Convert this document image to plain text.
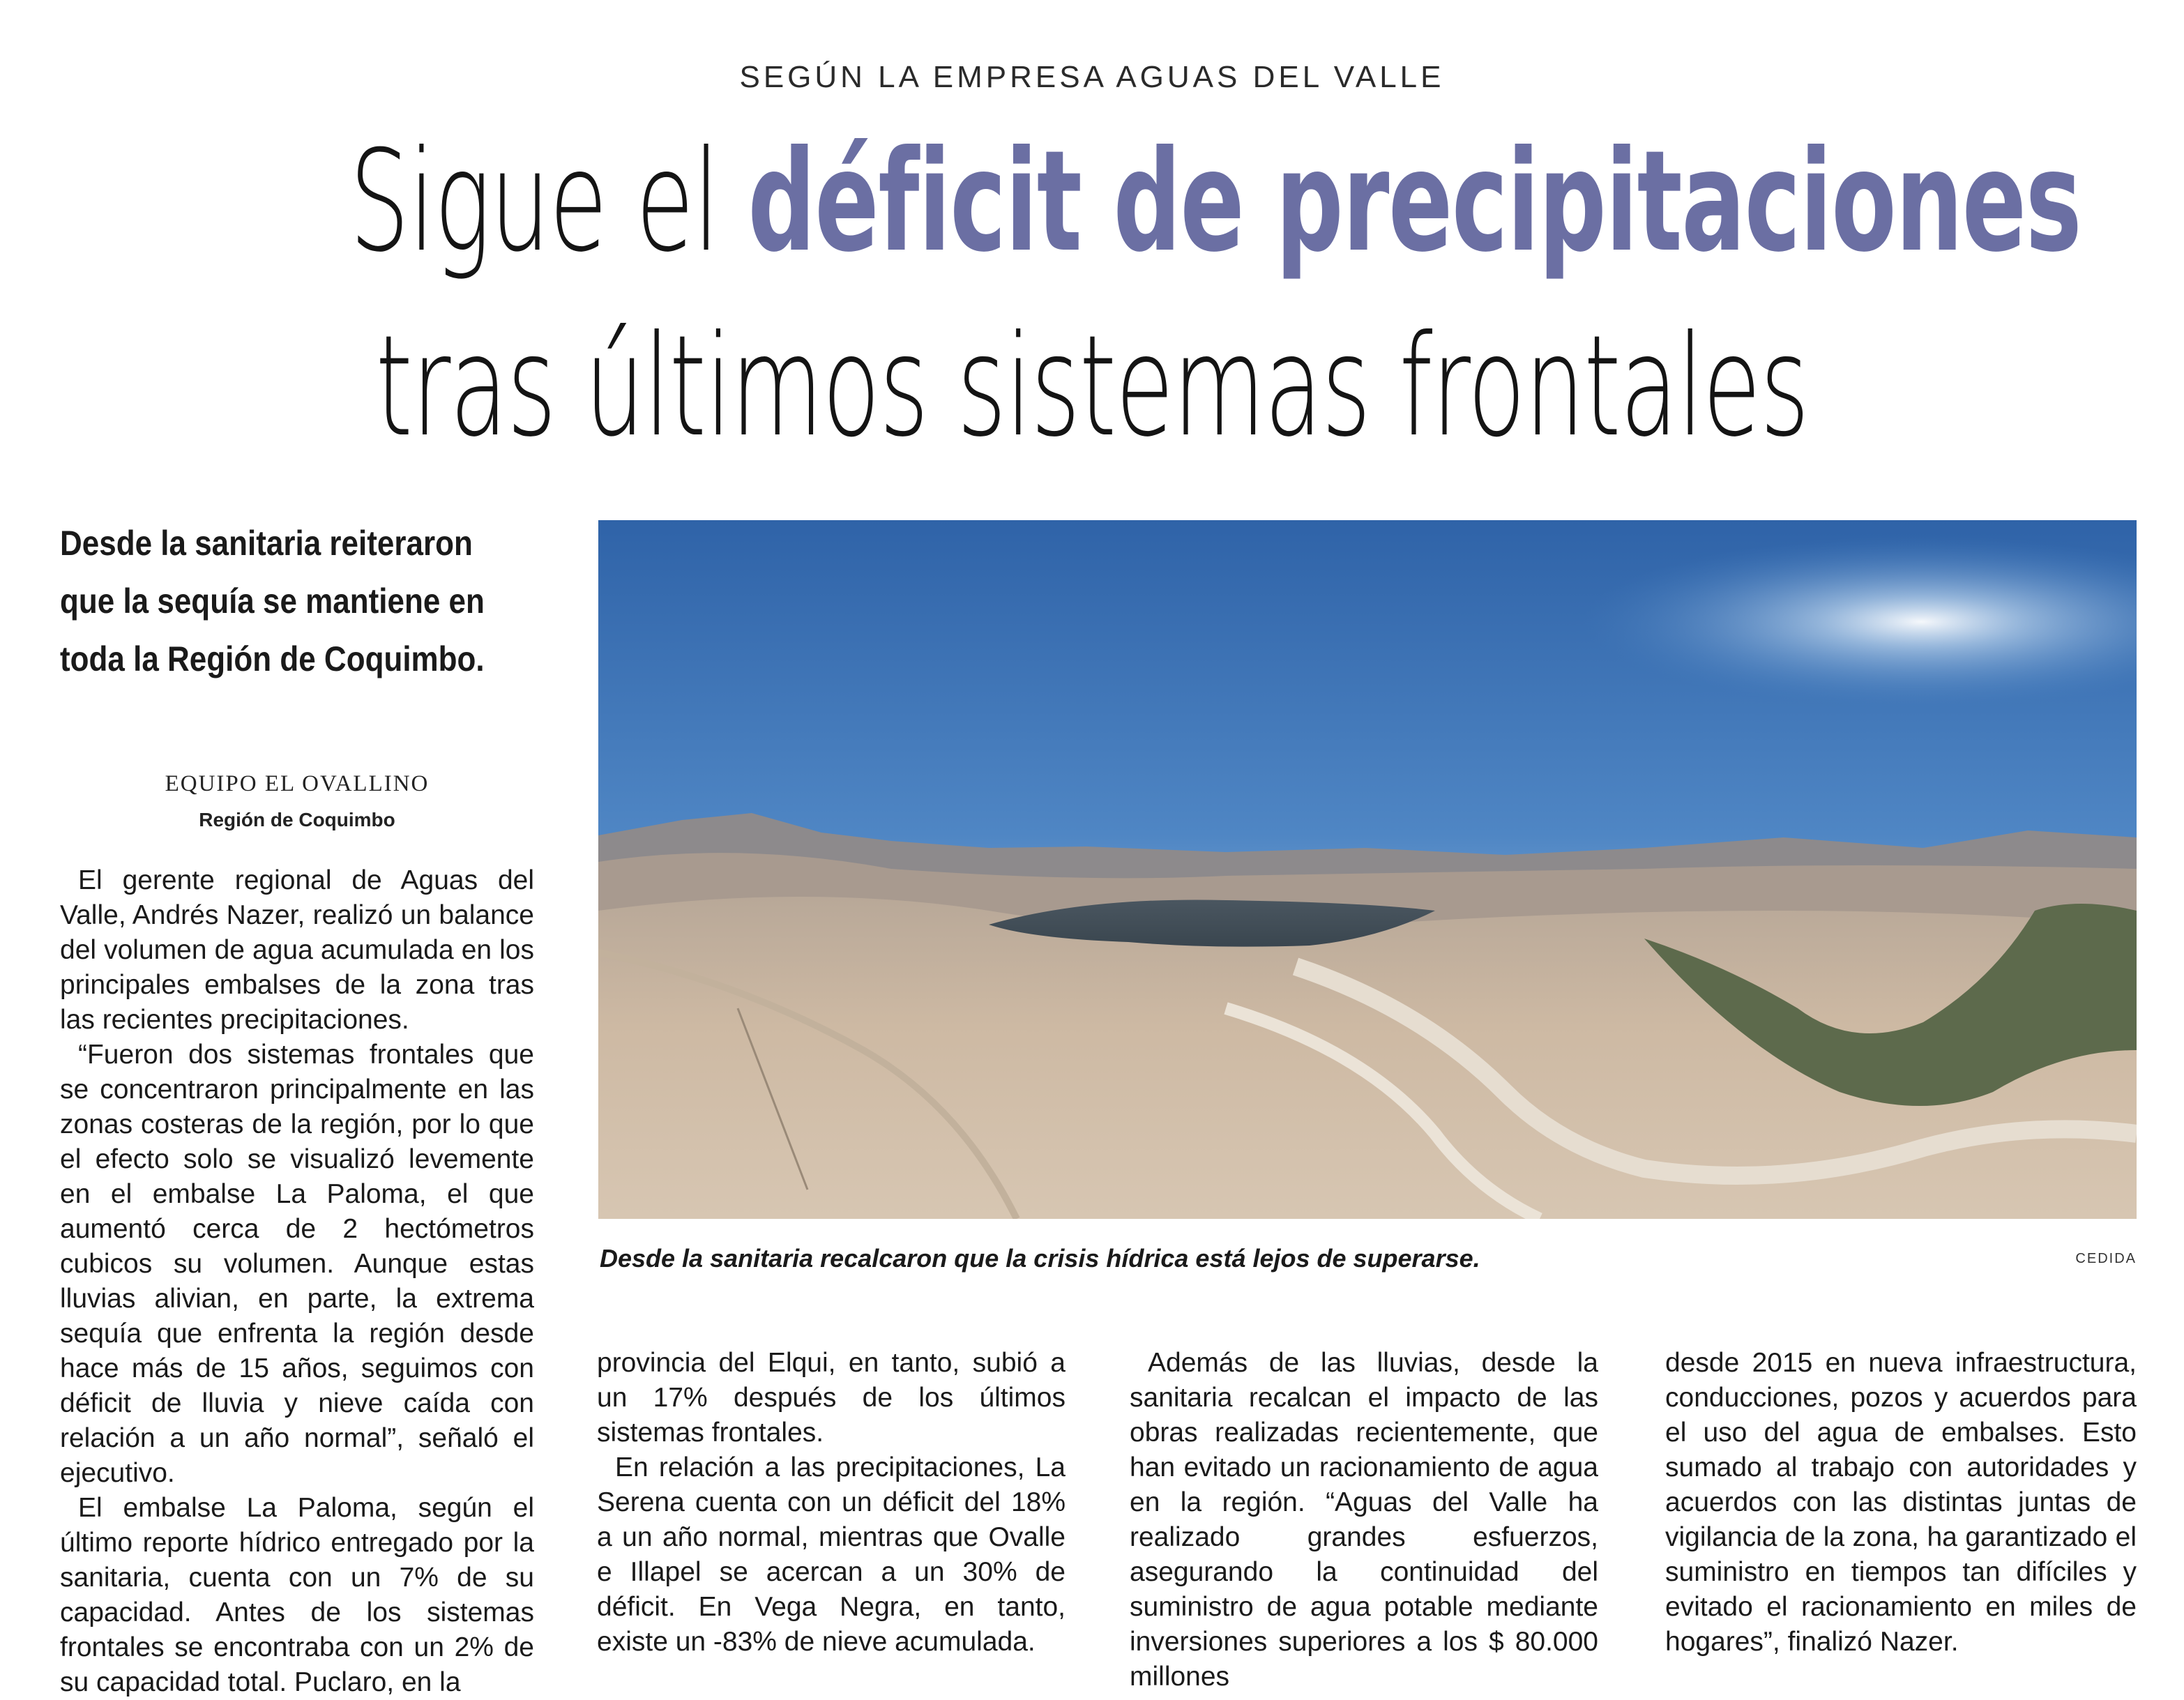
SEGÚN LA EMPRESA AGUAS DEL VALLE
Sigue el déficit de precipitaciones
tras últimos sistemas frontales
Desde la sanitaria reiteraron que la sequía se mantiene en toda la Región de Coquimbo.
EQUIPO EL OVALLINO
Región de Coquimbo

El gerente regional de Aguas del Valle, Andrés Nazer, realizó un balance del volumen de agua acumulada en los principales embalses de la zona tras las recientes precipitaciones.

“Fueron dos sistemas frontales que se concentraron principalmente en las zonas costeras de la región, por lo que el efecto solo se visualizó levemente en el embalse La Paloma, el que aumentó cerca de 2 hectómetros cubicos su volumen. Aunque estas lluvias alivian, en parte, la extrema sequía que enfrenta la región desde hace más de 15 años, seguimos con déficit de lluvia y nieve caída con relación a un año normal”, señaló el ejecutivo.

El embalse La Paloma, según el último reporte hídrico entregado por la sanitaria, cuenta con un 7% de su capacidad. Antes de los sistemas frontales se encontraba con un 2% de su capacidad total. Puclaro, en la

Desde la sanitaria recalcaron que la crisis hídrica está lejos de superarse.	CEDIDA

provincia del Elqui, en tanto, subió a un 17% después de los últimos sistemas frontales.

En relación a las precipitaciones, La Serena cuenta con un déficit del 18% a un año normal, mientras que Ovalle e Illapel se acercan a un 30% de déficit. En Vega Negra, en tanto, existe un -83% de nieve acumulada.

Además de las lluvias, desde la sanitaria recalcan el impacto de las obras realizadas recientemente, que han evitado un racionamiento de agua en la región. “Aguas del Valle ha realizado grandes esfuerzos, asegurando la continuidad del suministro de agua potable mediante inversiones superiores a los $ 80.000 millones

desde 2015 en nueva infraestructura, conducciones, pozos y acuerdos para el uso del agua de embalses. Esto sumado al trabajo con autoridades y acuerdos con las distintas juntas de vigilancia de la zona, ha garantizado el suministro en tiempos tan difíciles y evitado el racionamiento en miles de hogares”, finalizó Nazer.
